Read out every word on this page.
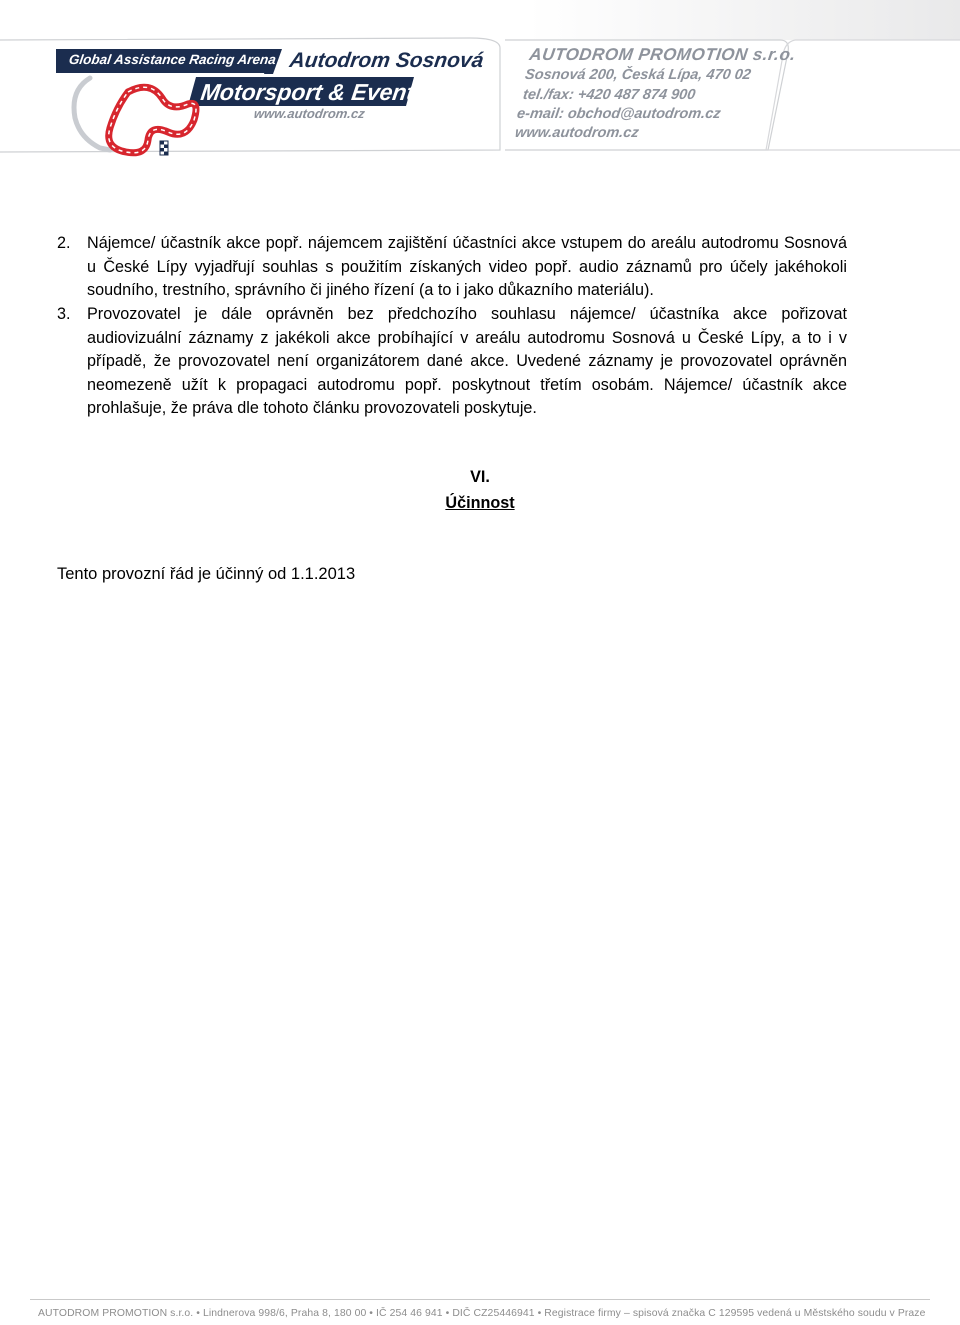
Global Assistance Racing Arena Autodrom Sosnová
Motorsport & Events
www.autodrom.cz
AUTODROM PROMOTION s.r.o.
Sosnová 200, Česká Lípa, 470 02
tel./fax: +420 487 874 900
e-mail: obchod@autodrom.cz
www.autodrom.cz
2. Nájemce/ účastník akce popř. nájemcem zajištění účastníci akce vstupem do areálu autodromu Sosnová u České Lípy vyjadřují souhlas s použitím získaných video popř. audio záznamů pro účely jakéhokoli soudního, trestního, správního či jiného řízení (a to i jako důkazního materiálu).
3. Provozovatel je dále oprávněn bez předchozího souhlasu nájemce/ účastníka akce pořizovat audiovizuální záznamy z jakékoli akce probíhající v areálu autodromu Sosnová u České Lípy, a to i v případě, že provozovatel není organizátorem dané akce. Uvedené záznamy je provozovatel oprávněn neomezeně užít k propagaci autodromu popř. poskytnout třetím osobám. Nájemce/ účastník akce prohlašuje, že práva dle tohoto článku provozovateli poskytuje.
VI.
Účinnost
Tento provozní řád je účinný od 1.1.2013
AUTODROM PROMOTION s.r.o. • Lindnerova 998/6, Praha 8, 180 00 • IČ 254 46 941 • DIČ CZ25446941 • Registrace firmy – spisová značka C 129595 vedená u Městského soudu v Praze
